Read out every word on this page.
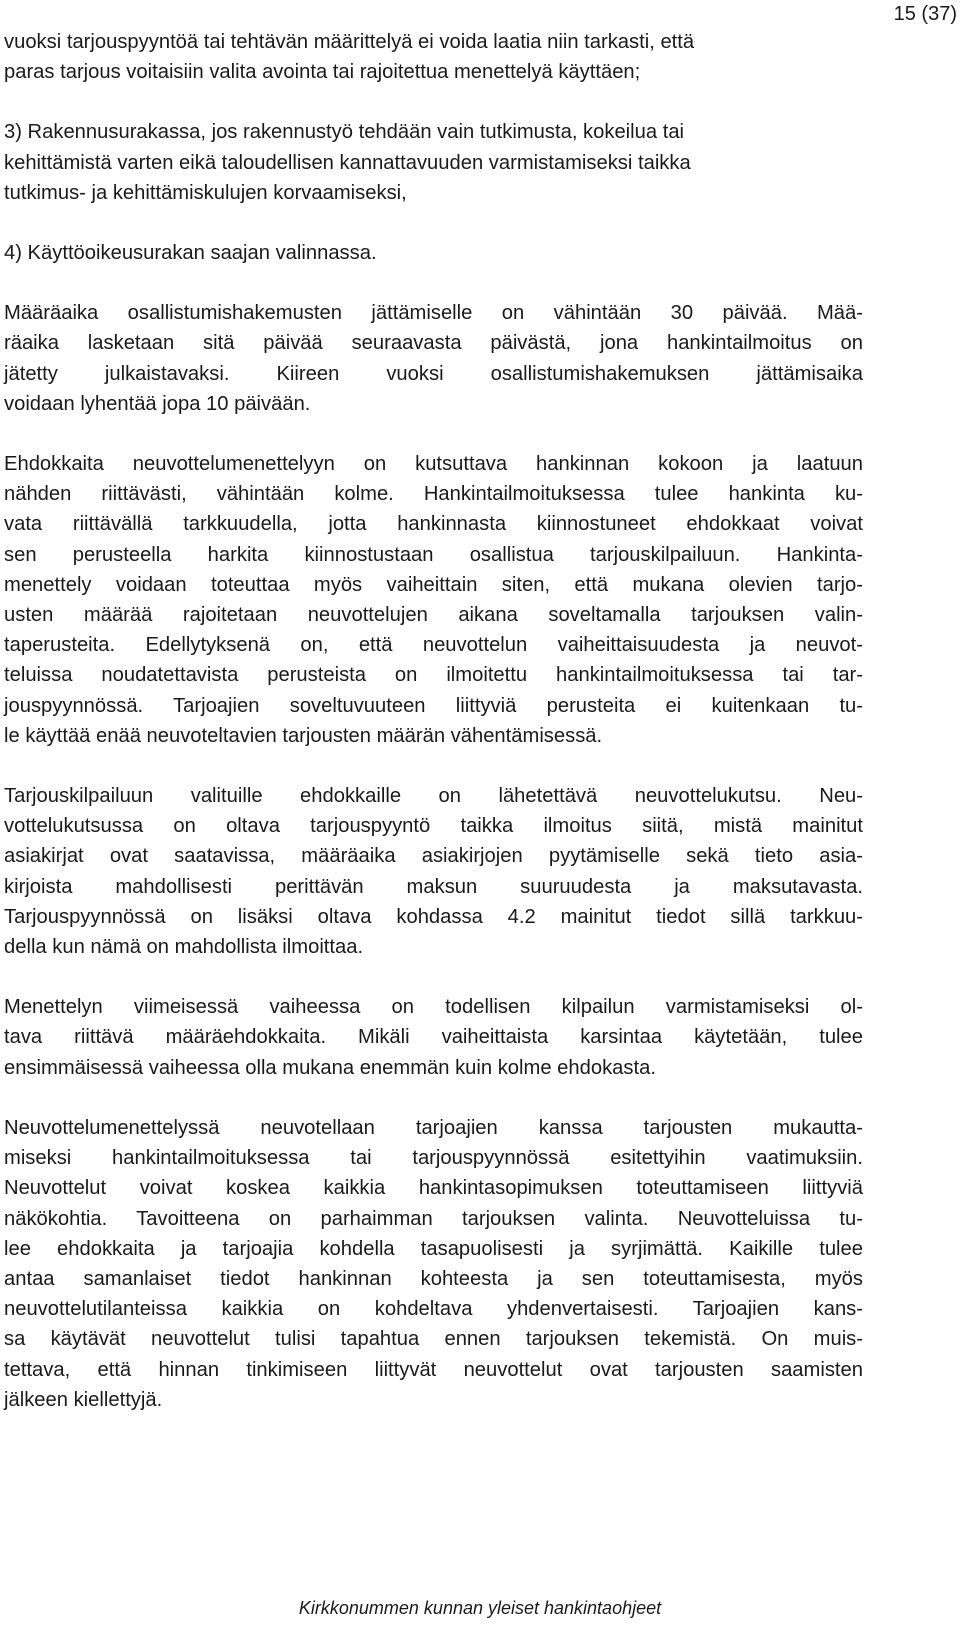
15 (37)

vuoksi tarjouspyyntöä tai tehtävän määrittelyä ei voida laatia niin tarkasti, että
paras tarjous voitaisiin valita avointa tai rajoitettua menettelyä käyttäen;

3) Rakennusurakassa, jos rakennustyö tehdään vain tutkimusta, kokeilua tai
kehittämistä varten eikä taloudellisen kannattavuuden varmistamiseksi taikka
tutkimus- ja kehittämiskulujen korvaamiseksi,

4) Käyttöoikeusurakan saajan valinnassa.

Määräaika osallistumishakemusten jättämiselle on vähintään 30 päivää. Mää-
räaika lasketaan sitä päivää seuraavasta päivästä, jona hankintailmoitus on
jätetty julkaistavaksi. Kiireen vuoksi osallistumishakemuksen jättämisaika
voidaan lyhentää jopa 10 päivään.

Ehdokkaita neuvottelumenettelyyn on kutsuttava hankinnan kokoon ja laatuun
nähden riittävästi, vähintään kolme. Hankintailmoituksessa tulee hankinta ku-
vata riittävällä tarkkuudella, jotta hankinnasta kiinnostuneet ehdokkaat voivat
sen perusteella harkita kiinnostustaan osallistua tarjouskilpailuun. Hankinta-
menettely voidaan toteuttaa myös vaiheittain siten, että mukana olevien tarjo-
usten määrää rajoitetaan neuvottelujen aikana soveltamalla tarjouksen valin-
taperusteita. Edellytyksenä on, että neuvottelun vaiheittaisuudesta ja neuvot-
teluissa noudatettavista perusteista on ilmoitettu hankintailmoituksessa tai tar-
jouspyynnössä. Tarjoajien soveltuvuuteen liittyviä perusteita ei kuitenkaan tu-
le käyttää enää neuvoteltavien tarjousten määrän vähentämisessä.

Tarjouskilpailuun valituille ehdokkaille on lähetettävä neuvottelukutsu. Neu-
vottelukutsussa on oltava tarjouspyyntö taikka ilmoitus siitä, mistä mainitut
asiakirjat ovat saatavissa, määräaika asiakirjojen pyytämiselle sekä tieto asia-
kirjoista mahdollisesti perittävän maksun suuruudesta ja maksutavasta.
Tarjouspyynnössä on lisäksi oltava kohdassa 4.2 mainitut tiedot sillä tarkkuu-
della kun nämä on mahdollista ilmoittaa.

Menettelyn viimeisessä vaiheessa on todellisen kilpailun varmistamiseksi ol-
tava riittävä määräehdokkaita. Mikäli vaiheittaista karsintaa käytetään, tulee
ensimmäisessä vaiheessa olla mukana enemmän kuin kolme ehdokasta.

Neuvottelumenettelyssä neuvotellaan tarjoajien kanssa tarjousten mukautta-
miseksi hankintailmoituksessa tai tarjouspyynnössä esitettyihin vaatimuksiin.
Neuvottelut voivat koskea kaikkia hankintasopimuksen toteuttamiseen liittyviä
näkökohtia. Tavoitteena on parhaimman tarjouksen valinta. Neuvotteluissa tu-
lee ehdokkaita ja tarjoajia kohdella tasapuolisesti ja syrjimättä. Kaikille tulee
antaa samanlaiset tiedot hankinnan kohteesta ja sen toteuttamisesta, myös
neuvottelutilanteissa kaikkia on kohdeltava yhdenvertaisesti. Tarjoajien kans-
sa käytävät neuvottelut tulisi tapahtua ennen tarjouksen tekemistä. On muis-
tettava, että hinnan tinkimiseen liittyvät neuvottelut ovat tarjousten saamisten
jälkeen kiellettyjä.

Kirkkonummen kunnan yleiset hankintaohjeet
